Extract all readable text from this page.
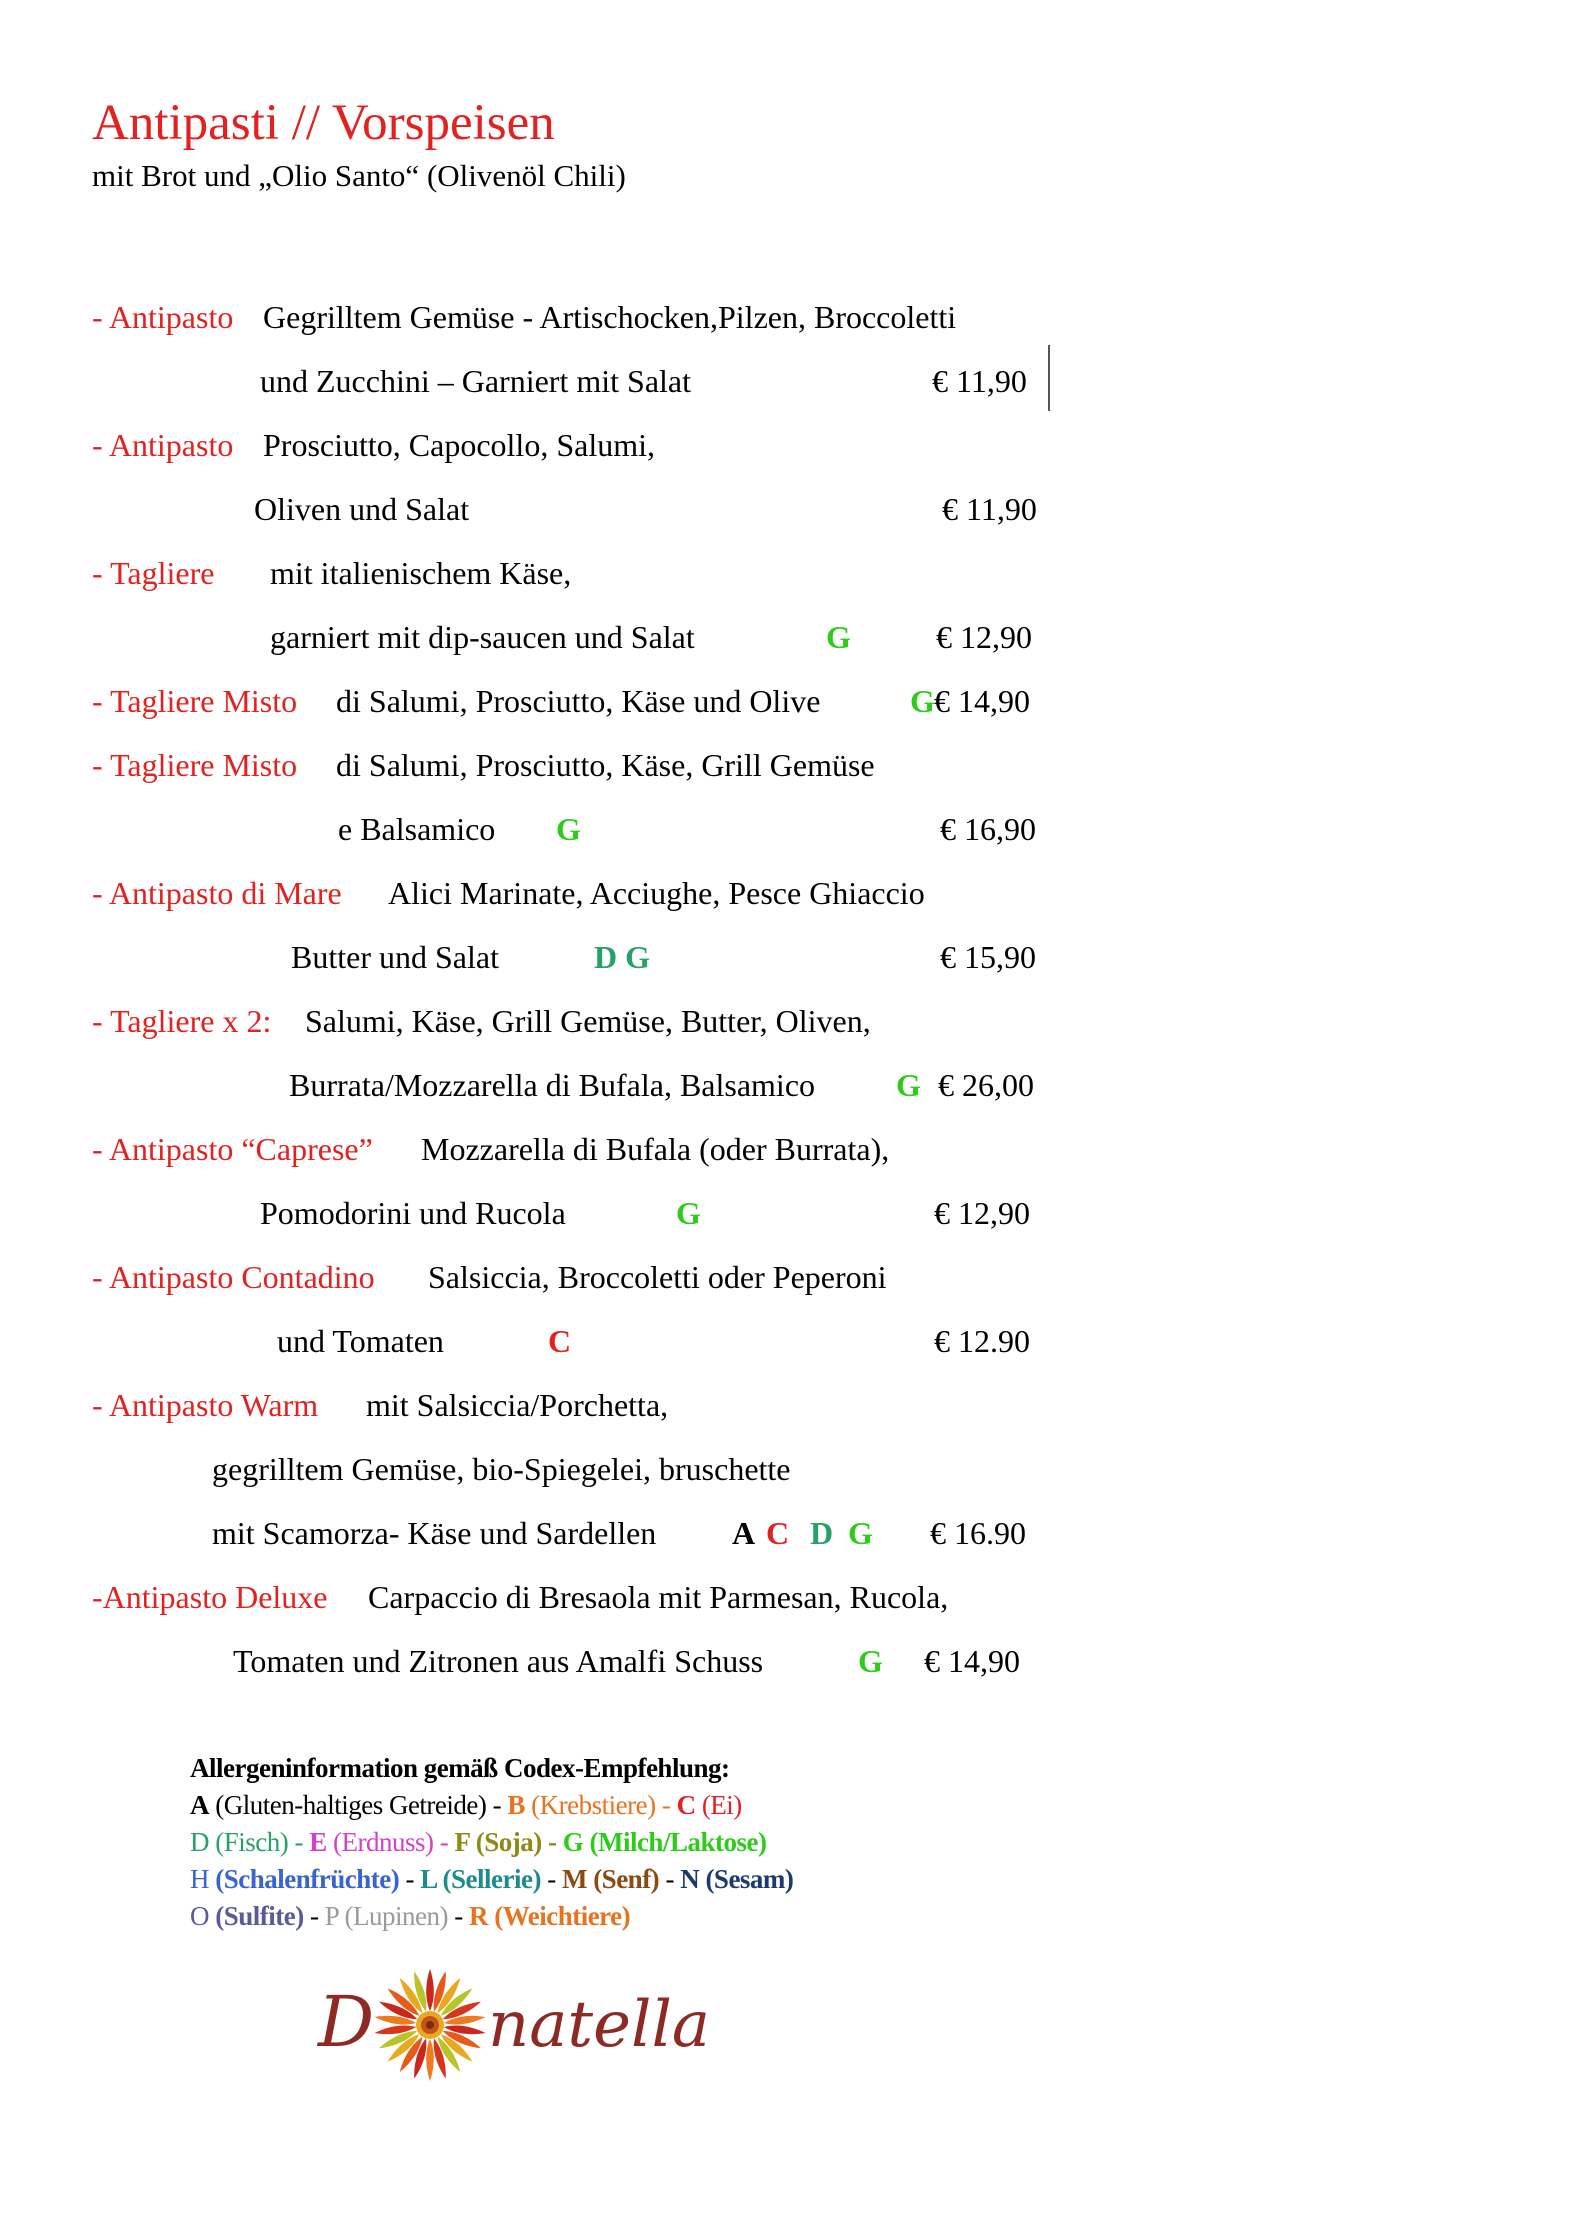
Antipasti // Vorspeisen
mit Brot und „Olio Santo“ (Olivenöl Chili)
- Antipasto Gegrilltem Gemüse - Artischocken,Pilzen, Broccoletti
und Zucchini – Garniert mit Salat	€ 11,90
- Antipasto Prosciutto, Capocollo, Salumi,
Oliven und Salat	€ 11,90
- Tagliere mit italienischem Käse,
garniert mit dip-sauce​n und Salat	G	€ 12,90
- Tagliere Misto di Salumi, Prosciutto, Käse und Olive	G € 14,90
- Tagliere Misto di Salumi, Prosciutto, Käse, Grill Gemüse
e Balsamico G	€ 16,90
- Antipasto di Mare Alici Marinate, Acciughe, Pesce Ghiaccio
Butter und Salat	D G	€ 15,90
- Tagliere x 2: Salumi, Käse, Grill Gemüse, Butter, Oliven,
Burrata/Mozzarella di Bufala, Balsamico	G € 26,00
- Antipasto “Caprese” Mozzarella di Bufala (oder Burrata),
Pomodorini und Rucola	G	€ 12,90
- Antipasto Contadino Salsiccia, Broccoletti oder Peperoni
und Tomaten	C	€ 12.90
- Antipasto Warm mit Salsiccia/Porchetta,
gegrilltem Gemüse, bio-Spiegelei, bruschette
mit Scamorza- Käse und Sardellen A C D G € 16.90
-Antipasto Deluxe Carpaccio di Bresaola mit Parmesan, Rucola,
Tomaten und Zitronen aus Amalfi Schuss	G € 14,90
Allergeninformation gemäß Codex-Empfehlung:
A (Gluten-haltiges Getreide) - B (Krebstiere) - C (Ei)
D (Fisch) - E (Erdnuss) - F (Soja) - G (Milch/Laktose)
H (Schalenfrüchte) - L (Sellerie) - M (Senf) - N (Sesam)
O (Sulfite) - P (Lupinen) - R (Weichtiere)
D natella
